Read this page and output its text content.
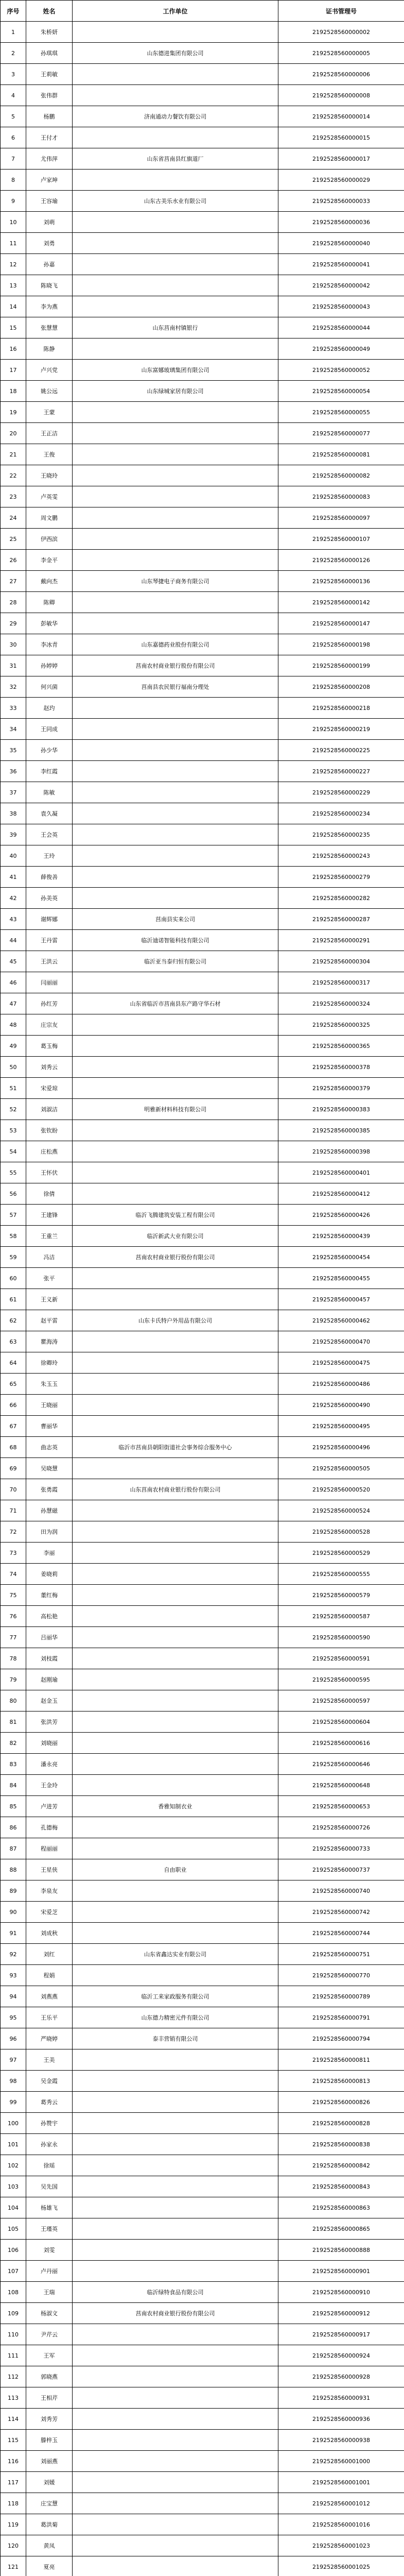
序号	姓名	工作单位	证书管理号
1	朱桥妍		2192528560000002
2	孙琪琪	山东德进集团有限公司	2192528560000005
3	王莉敏		2192528560000006
4	张伟群		2192528560000008
5	杨鹏	济南通动力餐饮有限公司	2192528560000014
6	王付才		2192528560000015
7	尤伟萍	山东省莒南县红旗道厂	2192528560000017
8	卢家坤		2192528560000029
9	王容瑜	山东古美乐水业有限公司	2192528560000033
10	刘萌		2192528560000036
11	刘勇		2192528560000040
12	孙嘉		2192528560000041
13	陈晓飞		2192528560000042
14	李为燕		2192528560000043
15	张慧慧	山东莒南村镇银行	2192528560000044
16	陈静		2192528560000049
17	卢兴党	山东富娜玻璃集团有限公司	2192528560000052
18	姚公远	山东绿城家居有限公司	2192528560000054
19	王蒙		2192528560000055
20	王正洁		2192528560000077
21	王俊		2192528560000081
22	王晓玲		2192528560000082
23	卢英雯		2192528560000083
24	周文鹏		2192528560000097
25	伊西滨		2192528560000107
26	李金平		2192528560000126
27	戴向杰	山东琴捷电子商务有限公司	2192528560000136
28	陈卿		2192528560000142
29	彭敏华		2192528560000147
30	李冰青	山东嘉德药业股份有限公司	2192528560000198
31	孙婷婷	莒南农村商业银行股份有限公司	2192528560000199
32	何兴菌	莒南县农民银行福南分理处	2192528560000208
33	赵玓		2192528560000218
34	王同成		2192528560000219
35	孙少华		2192528560000225
36	李红霞		2192528560000227
37	陈敏		2192528560000229
38	袁久凝		2192528560000234
39	王会英		2192528560000235
40	王玲		2192528560000243
41	薛俊善		2192528560000279
42	孙美英		2192528560000282
43	谢辉娜	莒南县实来公司	2192528560000287
44	王丹雷	临沂迪诺智能科技有限公司	2192528560000291
45	王洪云	临沂亚当泰归恒有限公司	2192528560000304
46	闫丽丽		2192528560000317
47	孙红芳	山东省临沂市莒南县东产路守华石材	2192528560000324
48	庄宗友		2192528560000325
49	葛玉梅		2192528560000365
50	刘秀云		2192528560000378
51	宋爱琼		2192528560000379
52	刘淑洁	明雅新材料科技有限公司	2192528560000383
53	张钦盼		2192528560000385
54	庄松燕		2192528560000398
55	王怀伏		2192528560000401
56	徐倩		2192528560000412
57	王建锋	临沂飞腾建筑安装工程有限公司	2192528560000426
58	王重兰	临沂新武大业有限公司	2192528560000439
59	冯洁	莒南农村商业银行股份有限公司	2192528560000454
60	张平		2192528560000455
61	王义新		2192528560000457
62	赵平雷	山东卡氏特户外用品有限公司	2192528560000462
63	瞿海涛		2192528560000470
64	徐卿玲		2192528560000475
65	朱玉玉		2192528560000486
66	王晓丽		2192528560000490
67	曹丽华		2192528560000495
68	曲志英	临沂市莒南县朝阳街道社会事务综合服务中心	2192528560000496
69	吴晓慧		2192528560000505
70	张勇霞	山东莒南农村商业银行股份有限公司	2192528560000520
71	孙慧磁		2192528560000524
72	田为润		2192528560000528
73	李丽		2192528560000529
74	姜晓莉		2192528560000555
75	董红梅		2192528560000579
76	高松艳		2192528560000587
77	吕丽华		2192528560000590
78	刘枝霞		2192528560000591
79	赵刚瑜		2192528560000595
80	赵金玉		2192528560000597
81	张洪芳		2192528560000604
82	刘晓丽		2192528560000616
83	潘永亮		2192528560000646
84	王金玲		2192528560000648
85	卢进芳	香雅知制衣业	2192528560000653
86	孔德梅		2192528560000726
87	程丽丽		2192528560000733
88	王星侠	自由职业	2192528560000737
89	李泉友		2192528560000740
90	宋爱芝		2192528560000742
91	刘成秋		2192528560000744
92	刘红	山东省鑫达实业有限公司	2192528560000751
93	程娟		2192528560000770
94	刘燕燕	临沂工来家政服务有限公司	2192528560000789
95	王乐平	山东德力精密元件有限公司	2192528560000791
96	严晓婷	泰丰营销有限公司	2192528560000794
97	王美		2192528560000811
98	吴金霞		2192528560000813
99	葛秀云		2192528560000826
100	孙赞宇		2192528560000828
101	孙家永		2192528560000838
102	徐瑶		2192528560000842
103	吴先国		2192528560000843
104	杨雄飞		2192528560000863
105	王瑾英		2192528560000865
106	刘雯		2192528560000888
107	卢丹丽		2192528560000901
108	王瑞	临沂绿特食品有限公司	2192528560000910
109	杨淑文	莒南农村商业银行股份有限公司	2192528560000912
110	尹芹云		2192528560000917
111	王军		2192528560000924
112	郭晓燕		2192528560000928
113	王相芹		2192528560000931
114	刘秀芳		2192528560000936
115	滕梓玉		2192528560000938
116	刘丽燕		2192528560001000
117	刘媛		2192528560001001
118	庄宝慧		2192528560001012
119	葛洪菊		2192528560001016
120	黄凤		2192528560001023
121	夏亮		2192528560001025
